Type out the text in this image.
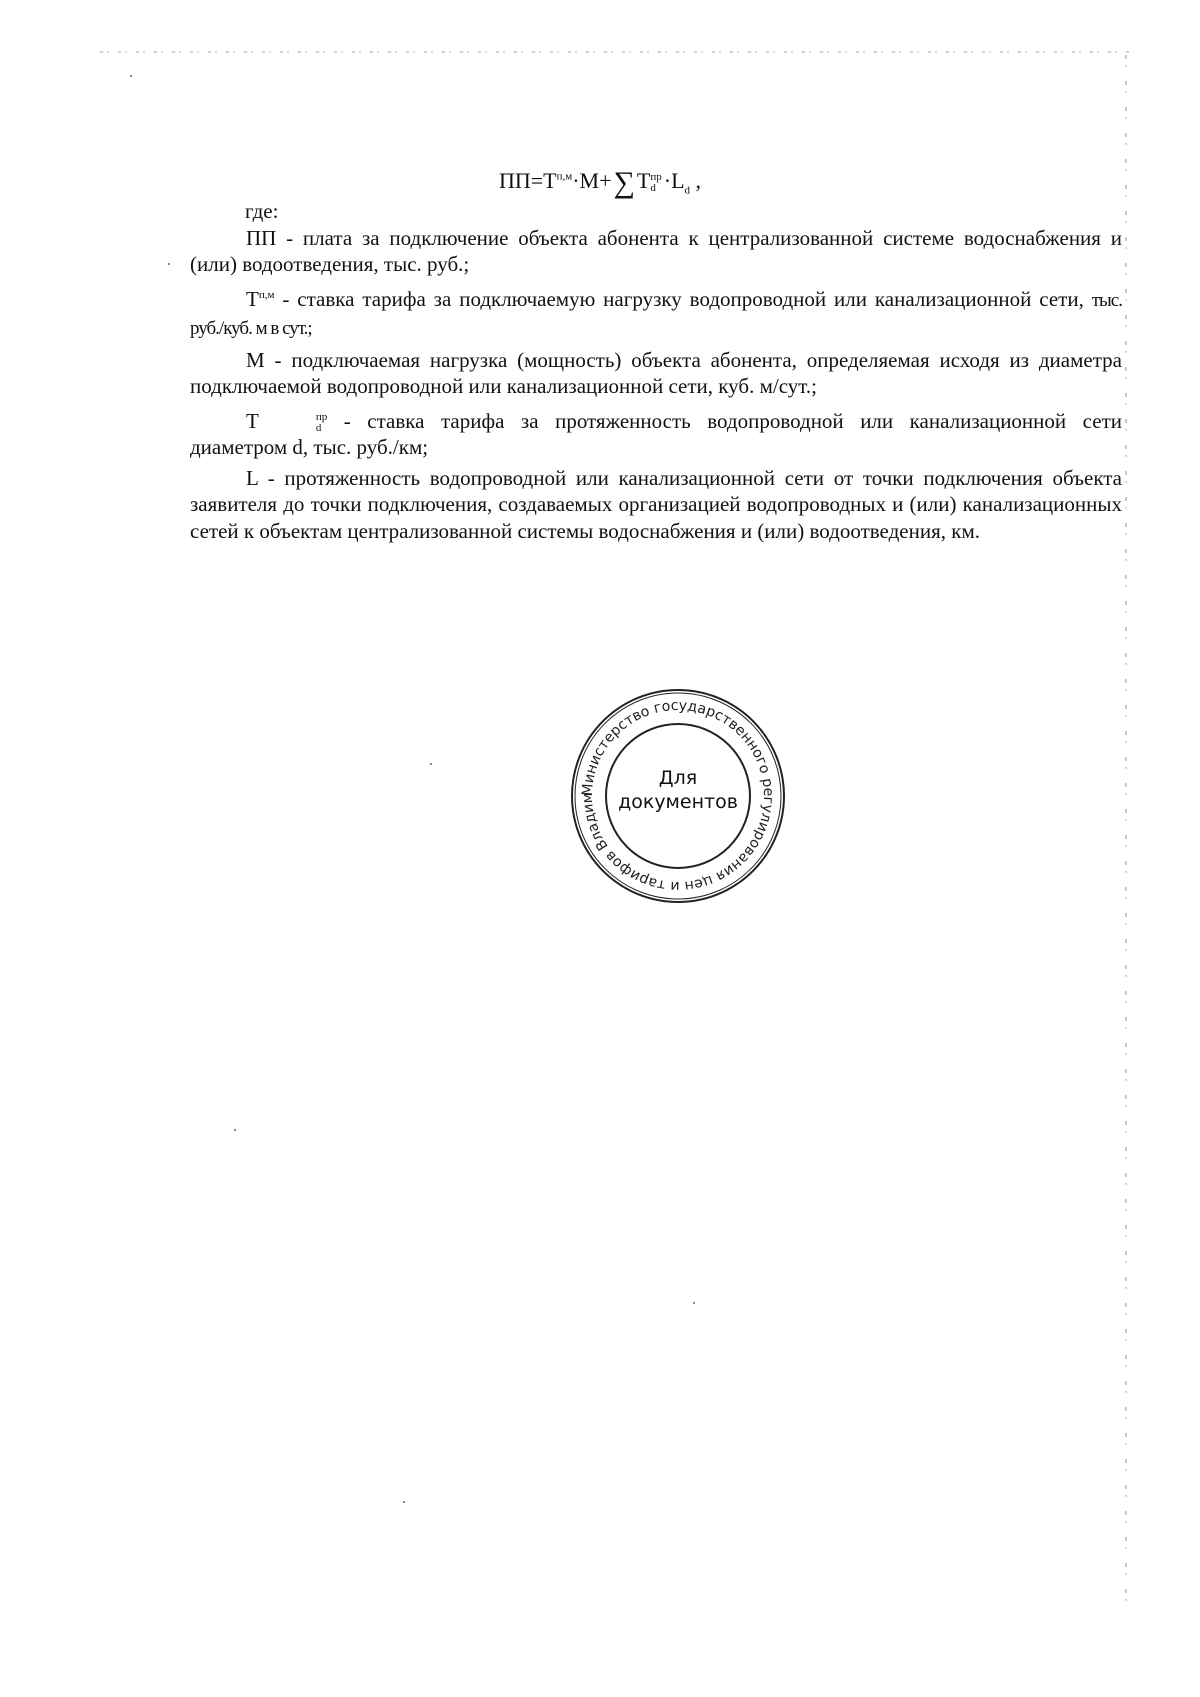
$ПП=Т^{п,м}\cdot М+\sum Т$ пр
$d \cdot L_d$ ,

где:

ПП - плата за подключение объекта абонента к централизованной системе водоснабжения и (или) водоотведения, тыс. руб.;

$Т^{п,м}$ - ставка тарифа за подключаемую нагрузку водопроводной или канализационной сети, тыс. руб./куб. м в сут.;

М - подключаемая нагрузка (мощность) объекта абонента, определяемая исходя из диаметра подключаемой водопроводной или канализационной сети, куб. м/сут.;

Т	пр
d - ставка тарифа за протяженность водопроводной или канализационной сети диаметром d, тыс. руб./км;

L - протяженность водопроводной или канализационной сети от точки подключения объекта заявителя до точки подключения, создаваемых организацией водопроводных и (или) канализационных сетей к объектам централизованной системы водоснабжения и (или) водоотведения, км.

Министерство государственного регулирования цен и тарифов Владим
Для
документов
